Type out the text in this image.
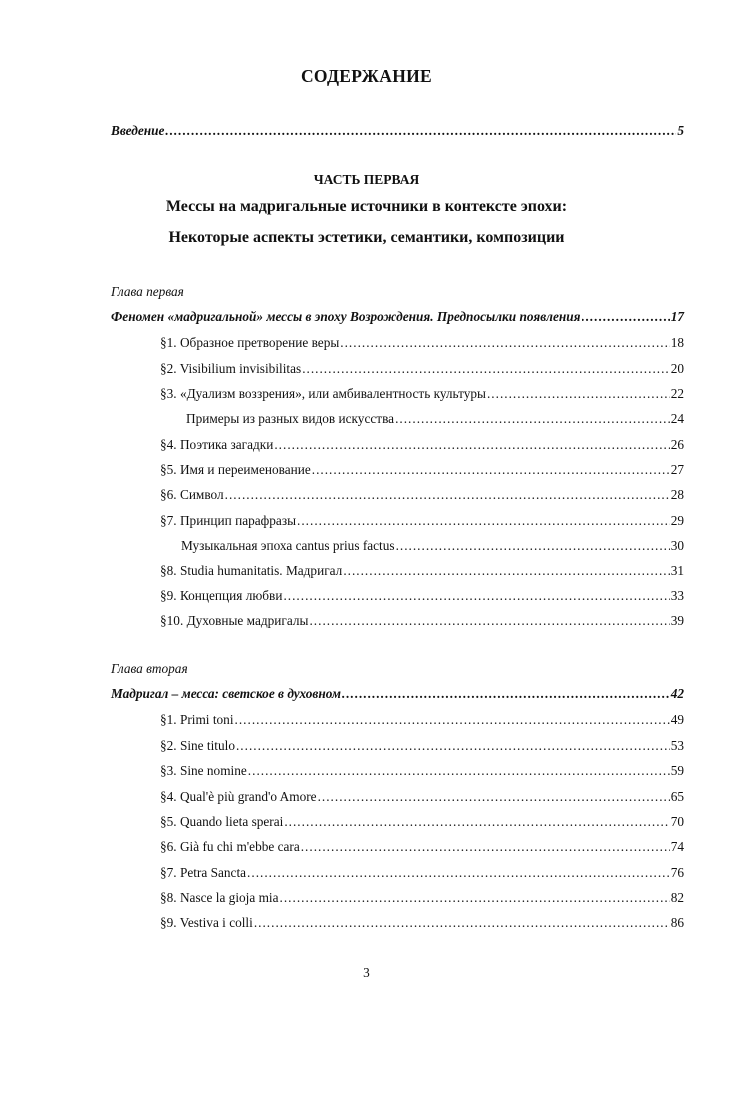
СОДЕРЖАНИЕ
Введение .....	5
ЧАСТЬ ПЕРВАЯ
Мессы на мадригальные источники в контексте эпохи:
Некоторые аспекты эстетики, семантики, композиции
Глава первая
Феномен «мадригальной» мессы в эпоху Возрождения. Предпосылки появления .....	17
§1. Образное претворение веры .....	18
§2. Visibilium invisibilitas .....	20
§3. «Дуализм воззрения», или амбивалентность культуры .....	22
Примеры из разных видов искусства .....	24
§4. Поэтика загадки .....	26
§5. Имя и переименование .....	27
§6. Символ .....	28
§7. Принцип парафразы .....	29
Музыкальная эпоха cantus prius factus .....	30
§8. Studia humanitatis. Мадригал .....	31
§9. Концепция любви .....	33
§10. Духовные мадригалы .....	39
Глава вторая
Мадригал – месса: светское в духовном .....	42
§1. Primi toni .....	49
§2. Sine titulo .....	53
§3. Sine nomine .....	59
§4. Qual'è più grand'o Amore .....	65
§5. Quando lieta sperai .....	70
§6. Già fu chi m'ebbe cara .....	74
§7. Petra Sancta .....	76
§8. Nasce la gioja mia .....	82
§9. Vestiva i colli .....	86
3
